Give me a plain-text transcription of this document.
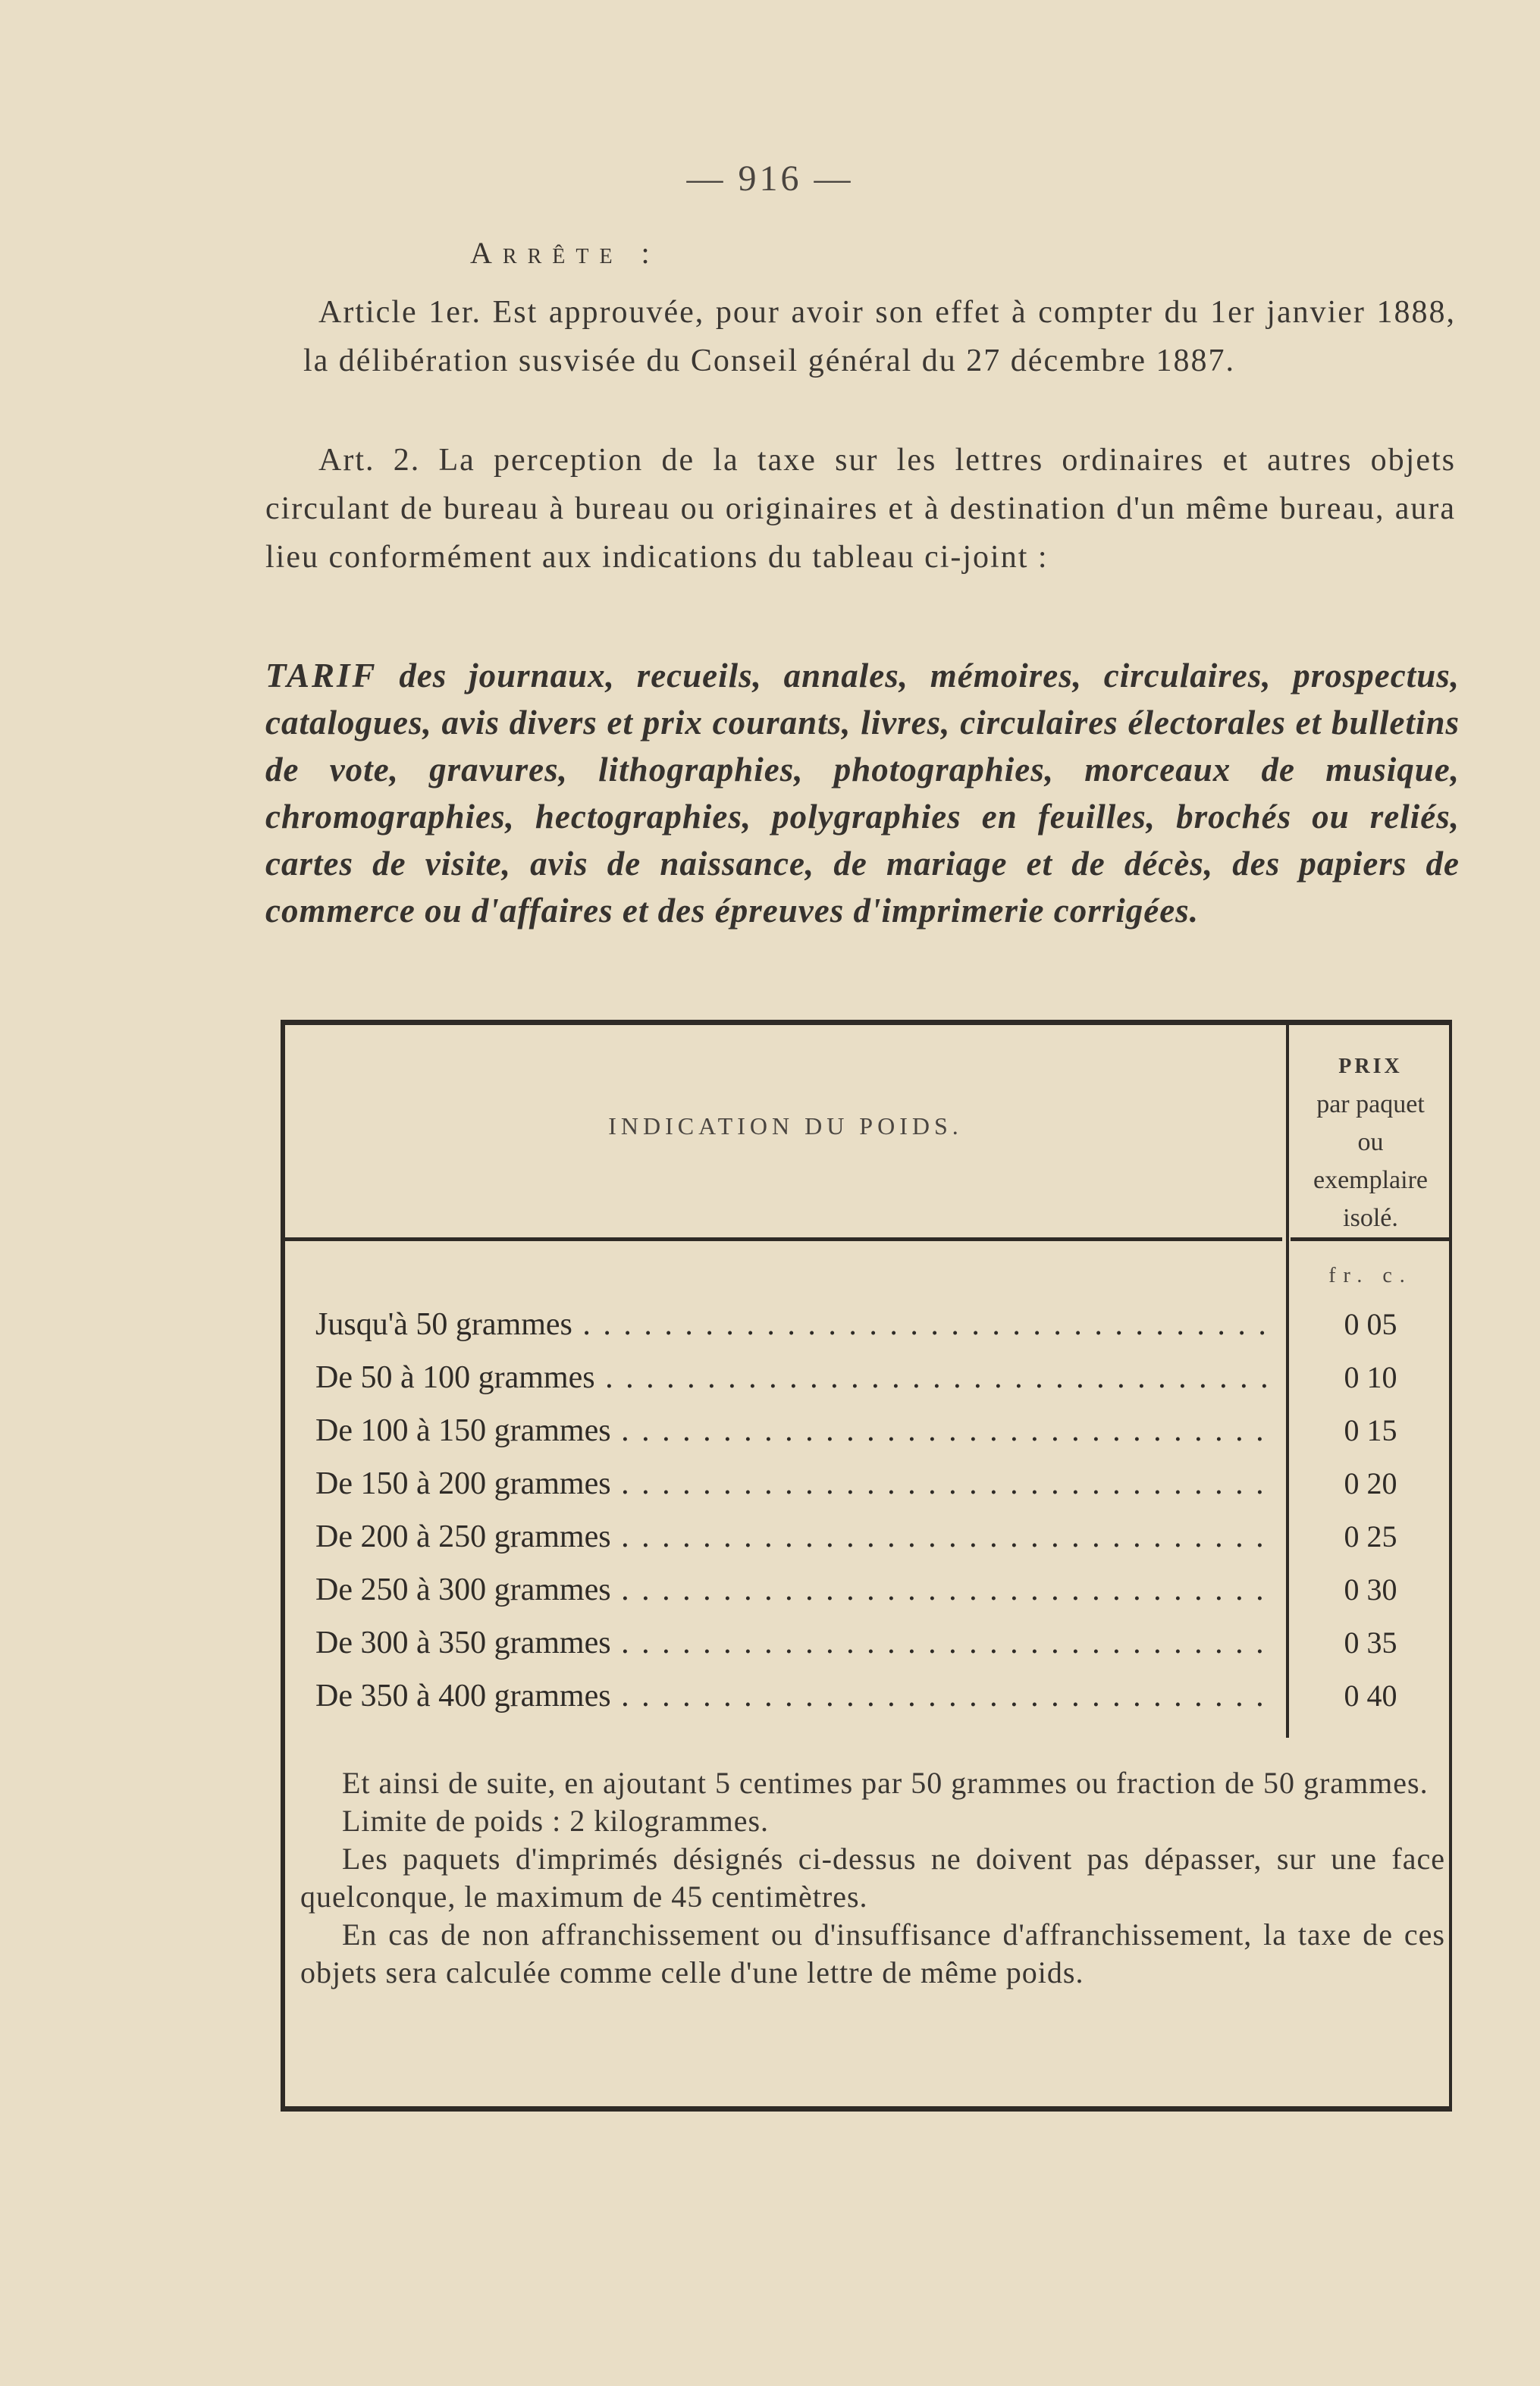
— 916 —
Arrête :
Article 1er. Est approuvée, pour avoir son effet à compter du 1er janvier 1888, la délibération susvisée du Conseil général du 27 décembre 1887.
Art. 2. La perception de la taxe sur les lettres ordinaires et autres objets circulant de bureau à bureau ou originaires et à destination d'un même bureau, aura lieu conformément aux indications du tableau ci-joint :
TARIF des journaux, recueils, annales, mémoires, circulaires, prospectus, catalogues, avis divers et prix courants, livres, circulaires électorales et bulletins de vote, gravures, lithographies, photographies, morceaux de musique, chromographies, hectographies, polygraphies en feuilles, brochés ou reliés, cartes de visite, avis de naissance, de mariage et de décès, des papiers de commerce ou d'affaires et des épreuves d'imprimerie corrigées.
INDICATION DU POIDS.
PRIX
par paquet
ou
exemplaire
isolé.
fr. c.
Jusqu'à 50 grammes . . .	0 05
De 50 à 100 grammes . . .	0 10
De 100 à 150 grammes . . .	0 15
De 150 à 200 grammes . . .	0 20
De 200 à 250 grammes . . .	0 25
De 250 à 300 grammes . . .	0 30
De 300 à 350 grammes . . .	0 35
De 350 à 400 grammes . . .	0 40

Et ainsi de suite, en ajoutant 5 centimes par 50 grammes ou fraction de 50 grammes.

Limite de poids : 2 kilogrammes.

Les paquets d'imprimés désignés ci-dessus ne doivent pas dépasser, sur une face quelconque, le maximum de 45 centimètres.

En cas de non affranchissement ou d'insuffisance d'affranchissement, la taxe de ces objets sera calculée comme celle d'une lettre de même poids.
